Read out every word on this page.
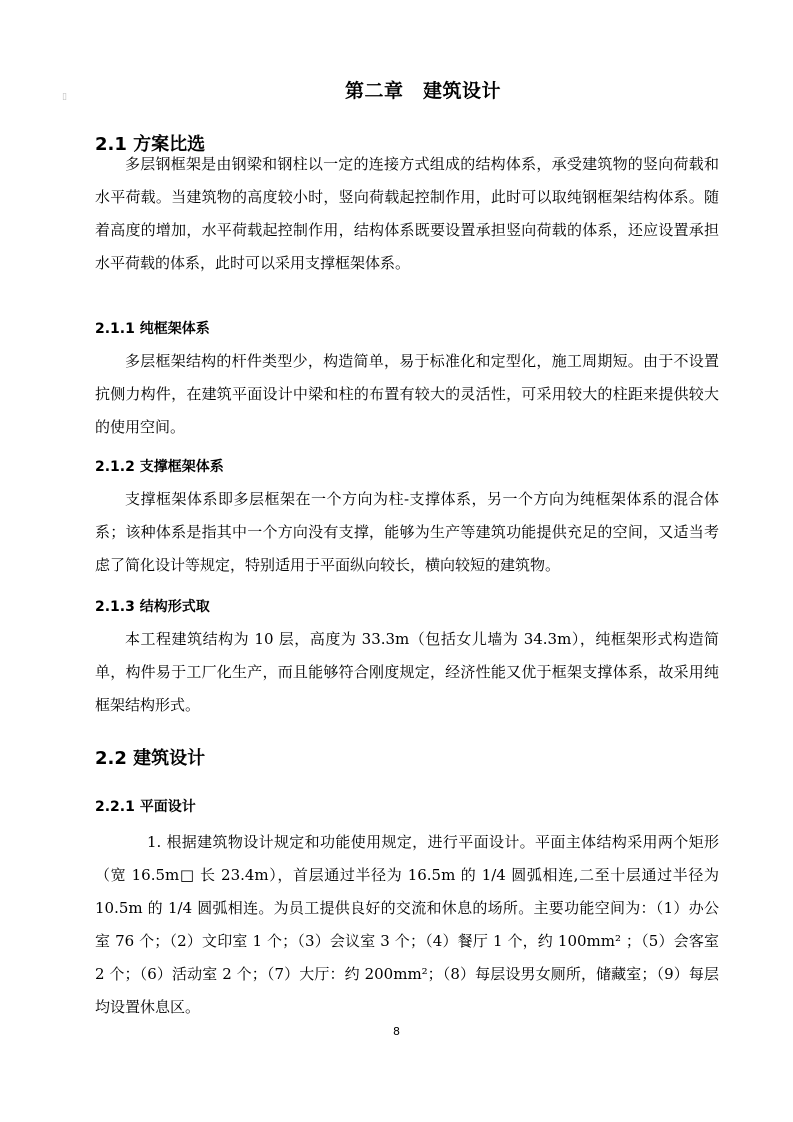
▯	第二章　建筑设计
2.1 方案比选

多层钢框架是由钢梁和钢柱以一定的连接方式组成的结构体系，承受建筑物的竖向荷载和水平荷载。当建筑物的高度较小时，竖向荷载起控制作用，此时可以取纯钢框架结构体系。随着高度的增加，水平荷载起控制作用，结构体系既要设置承担竖向荷载的体系，还应设置承担水平荷载的体系，此时可以采用支撑框架体系。

2.1.1 纯框架体系

多层框架结构的杆件类型少，构造简单，易于标准化和定型化，施工周期短。由于不设置抗侧力构件，在建筑平面设计中梁和柱的布置有较大的灵活性，可采用较大的柱距来提供较大的使用空间。

2.1.2 支撑框架体系

支撑框架体系即多层框架在一个方向为柱-支撑体系，另一个方向为纯框架体系的混合体系；该种体系是指其中一个方向没有支撑，能够为生产等建筑功能提供充足的空间，又适当考虑了简化设计等规定，特别适用于平面纵向较长，横向较短的建筑物。

2.1.3 结构形式取

本工程建筑结构为 10 层，高度为 33.3m（包括女儿墙为 34.3m），纯框架形式构造简单，构件易于工厂化生产，而且能够符合刚度规定，经济性能又优于框架支撑体系，故采用纯框架结构形式。

2.2 建筑设计
2.2.1 平面设计

1. 根据建筑物设计规定和功能使用规定，进行平面设计。平面主体结构采用两个矩形（宽 16.5m□ 长 23.4m），首层通过半径为 16.5m 的 1/4 圆弧相连,二至十层通过半径为 10.5m 的 1/4 圆弧相连。为员工提供良好的交流和休息的场所。主要功能空间为：（1）办公室 76 个；（2）文印室 1 个；（3）会议室 3 个；（4）餐厅 1 个，约 100mm² ；（5）会客室 2 个；（6）活动室 2 个；（7）大厅：约 200mm²；（8）每层设男女厕所，储藏室；（9）每层均设置休息区。

8
